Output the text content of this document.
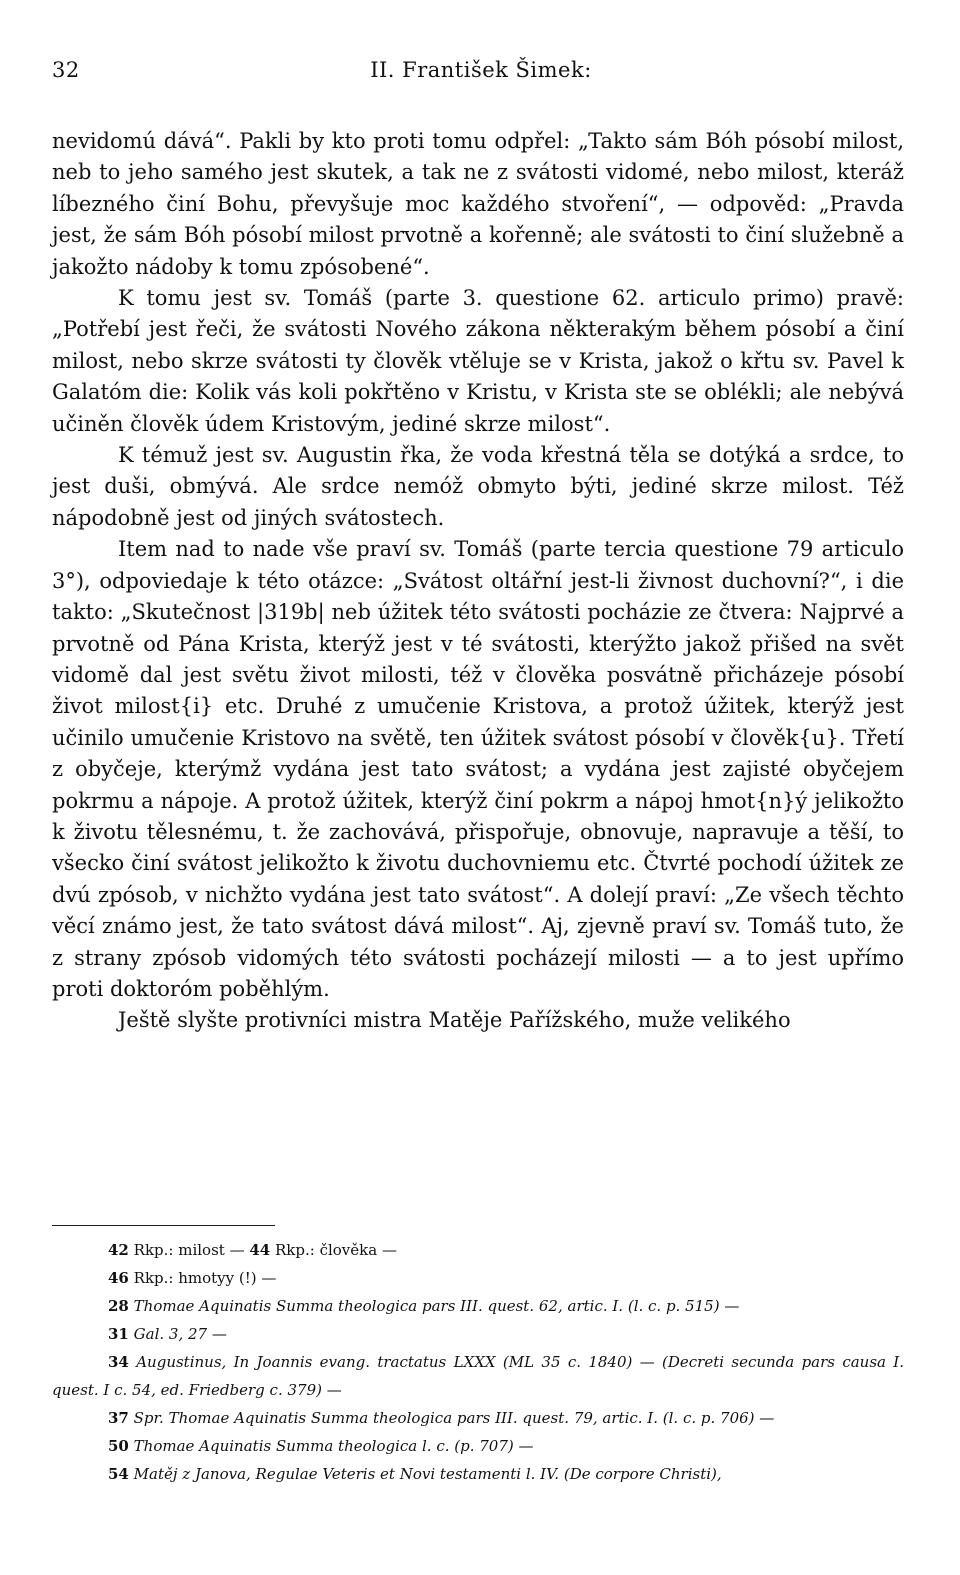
32	II. František Šimek:

nevidomú dává“. Pakli by kto proti tomu odpřel: „Takto sám Bóh pósobí milost, neb to jeho samého jest skutek, a tak ne z svátosti vidomé, nebo milost, kteráž líbezného činí Bohu, převyšuje moc každého stvoření“, — odpověd: „Pravda jest, že sám Bóh pósobí milost prvotně a kořenně; ale svátosti to činí služebně a jakožto nádoby k tomu zpósobené“.

K tomu jest sv. Tomáš (parte 3. questione 62. articulo primo) pravě: „Potřebí jest řeči, že svátosti Nového zákona některakým během pósobí a činí milost, nebo skrze svátosti ty člověk vtěluje se v Krista, jakož o křtu sv. Pavel k Galatóm die: Kolik vás koli pokřtěno v Kristu, v Krista ste se oblékli; ale nebývá učiněn člověk údem Kristovým, jediné skrze milost“.

K témuž jest sv. Augustin řka, že voda křestná těla se dotýká a srdce, to jest duši, obmývá. Ale srdce nemóž obmyto býti, jediné skrze milost. Též nápodobně jest od jiných svátostech.

Item nad to nade vše praví sv. Tomáš (parte tercia questione 79 articulo 3°), odpoviedaje k této otázce: „Svátost oltářní jest-li živnost duchovní?“, i die takto: „Skutečnost |319b| neb úžitek této svátosti pocházie ze čtvera: Najprvé a prvotně od Pána Krista, kterýž jest v té svátosti, kterýžto jakož přišed na svět vidomě dal jest světu život milosti, též v člověka posvátně přicházeje pósobí život milost{i} etc. Druhé z umučenie Kristova, a protož úžitek, kterýž jest učinilo umučenie Kristovo na světě, ten úžitek svátost pósobí v člověk{u}. Třetí z obyčeje, kterýmž vydána jest tato svátost; a vydána jest zajisté obyčejem pokrmu a nápoje. A protož úžitek, kterýž činí pokrm a nápoj hmot{n}ý jelikožto k životu tělesnému, t. že zachovává, přispořuje, obnovuje, napravuje a těší, to všecko činí svátost jelikožto k životu duchovniemu etc. Čtvrté pochodí úžitek ze dvú zpósob, v nichžto vydána jest tato svátost“. A dolejí praví: „Ze všech těchto věcí známo jest, že tato svátost dává milost“. Aj, zjevně praví sv. Tomáš tuto, že z strany zpósob vidomých této svátosti pocházejí milosti — a to jest upřímo proti doktoróm poběhlým.

Ještě slyšte protivníci mistra Matěje Pařížského, muže velikého

42 Rkp.: milost — 44 Rkp.: člověka —

46 Rkp.: hmotyy (!) —

28 Thomae Aquinatis Summa theologica pars III. quest. 62, artic. I. (l. c. p. 515) —

31 Gal. 3, 27 —

34 Augustinus, In Joannis evang. tractatus LXXX (ML 35 c. 1840) — (Decreti secunda pars causa I. quest. I c. 54, ed. Friedberg c. 379) —

37 Spr. Thomae Aquinatis Summa theologica pars III. quest. 79, artic. I. (l. c. p. 706) —

50 Thomae Aquinatis Summa theologica l. c. (p. 707) —

54 Matěj z Janova, Regulae Veteris et Novi testamenti l. IV. (De corpore Christi),
